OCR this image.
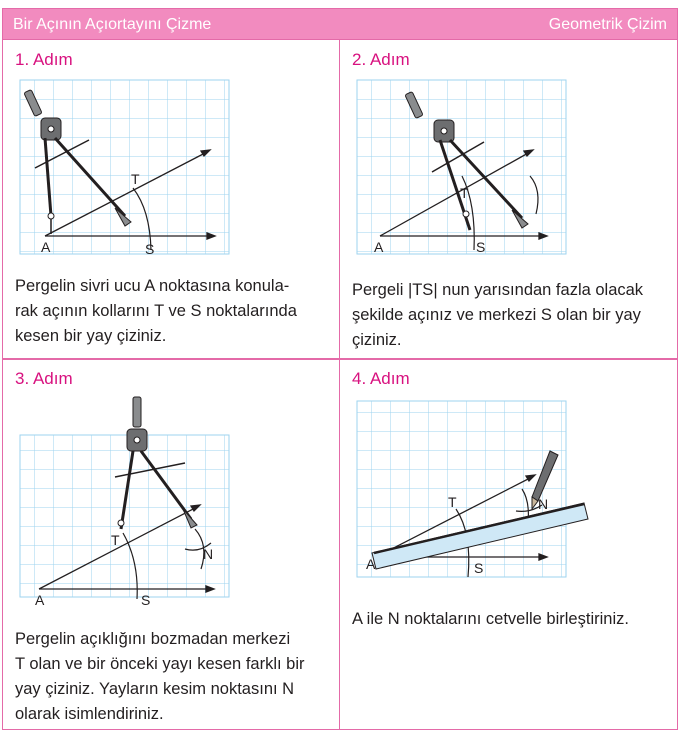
Bir Açının Açıortayını Çizme	Geometrik Çizim
1. Adım
A
T
S
Pergelin sivri ucu A noktasına konula-
rak açının kollarını T ve S noktalarında
kesen bir yay çiziniz.
2. Adım
A
T
S
Pergeli |TS| nun yarısından fazla olacak
şekilde açınız ve merkezi S olan bir yay
çiziniz.
3. Adım
A
T
S
N
Pergelin açıklığını bozmadan merkezi
T olan ve bir önceki yayı kesen farklı bir
yay çiziniz. Yayların kesim noktasını N
olarak isimlendiriniz.
4. Adım
A
T
S
N
A ile N noktalarını cetvelle birleştiriniz.
